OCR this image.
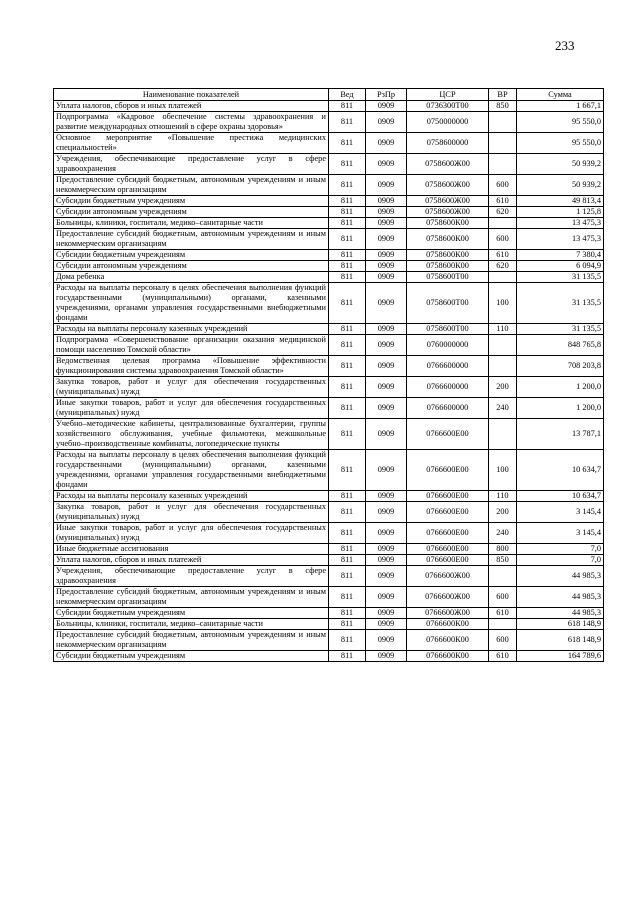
233
Наименование показателей	Вед	РзПр	ЦСР	ВР	Сумма
Уплата налогов, сборов и иных платежей	811	0909	0736300Т00	850	1 667,1
Подпрограмма «Кадровое обеспечение системы здравоохранения и развитие международных отношений в сфере охраны здоровья»	811	0909	0750000000		95 550,0
Основное мероприятие «Повышение престижа медицинских специальностей»	811	0909	0758600000		95 550,0
Учреждения, обеспечивающие предоставление услуг в сфере здравоохранения	811	0909	0758600Ж00		50 939,2
Предоставление субсидий бюджетным, автономным учреждениям и иным некоммерческим организациям	811	0909	0758600Ж00	600	50 939,2
Субсидии бюджетным учреждениям	811	0909	0758600Ж00	610	49 813,4
Субсидии автономным учреждениям	811	0909	0758600Ж00	620	1 125,8
Больницы, клиники, госпитали, медико–санитарные части	811	0909	0758600К00		13 475,3
Предоставление субсидий бюджетным, автономным учреждениям и иным некоммерческим организациям	811	0909	0758600К00	600	13 475,3
Субсидии бюджетным учреждениям	811	0909	0758600К00	610	7 380,4
Субсидии автономным учреждениям	811	0909	0758600К00	620	6 094,9
Дома ребенка	811	0909	0758600Т00		31 135,5
Расходы на выплаты персоналу в целях обеспечения выполнения функций государственными (муниципальными) органами, казенными учреждениями, органами управления государственными внебюджетными фондами	811	0909	0758600Т00	100	31 135,5
Расходы на выплаты персоналу казенных учреждений	811	0909	0758600Т00	110	31 135,5
Подпрограмма «Совершенствование организации оказания медицинской помощи населению Томской области»	811	0909	0760000000		848 765,8
Ведомственная целевая программа «Повышение эффективности функционирования системы здравоохранения Томской области»	811	0909	0766600000		708 203,8
Закупка товаров, работ и услуг для обеспечения государственных (муниципальных) нужд	811	0909	0766600000	200	1 200,0
Иные закупки товаров, работ и услуг для обеспечения государственных (муниципальных) нужд	811	0909	0766600000	240	1 200,0
Учебно–методические кабинеты, централизованные бухгалтерии, группы хозяйственного обслуживания, учебные фильмотеки, межшкольные учебно–производственные комбинаты, логопедические пункты	811	0909	0766600Е00		13 787,1
Расходы на выплаты персоналу в целях обеспечения выполнения функций государственными (муниципальными) органами, казенными учреждениями, органами управления государственными внебюджетными фондами	811	0909	0766600Е00	100	10 634,7
Расходы на выплаты персоналу казенных учреждений	811	0909	0766600Е00	110	10 634,7
Закупка товаров, работ и услуг для обеспечения государственных (муниципальных) нужд	811	0909	0766600Е00	200	3 145,4
Иные закупки товаров, работ и услуг для обеспечения государственных (муниципальных) нужд	811	0909	0766600Е00	240	3 145,4
Иные бюджетные ассигнования	811	0909	0766600Е00	800	7,0
Уплата налогов, сборов и иных платежей	811	0909	0766600Е00	850	7,0
Учреждения, обеспечивающие предоставление услуг в сфере здравоохранения	811	0909	0766600Ж00		44 985,3
Предоставление субсидий бюджетным, автономным учреждениям и иным некоммерческим организациям	811	0909	0766600Ж00	600	44 985,3
Субсидии бюджетным учреждениям	811	0909	0766600Ж00	610	44 985,3
Больницы, клиники, госпитали, медико–санитарные части	811	0909	0766600К00		618 148,9
Предоставление субсидий бюджетным, автономным учреждениям и иным некоммерческим организациям	811	0909	0766600К00	600	618 148,9
Субсидии бюджетным учреждениям	811	0909	0766600К00	610	164 789,6
